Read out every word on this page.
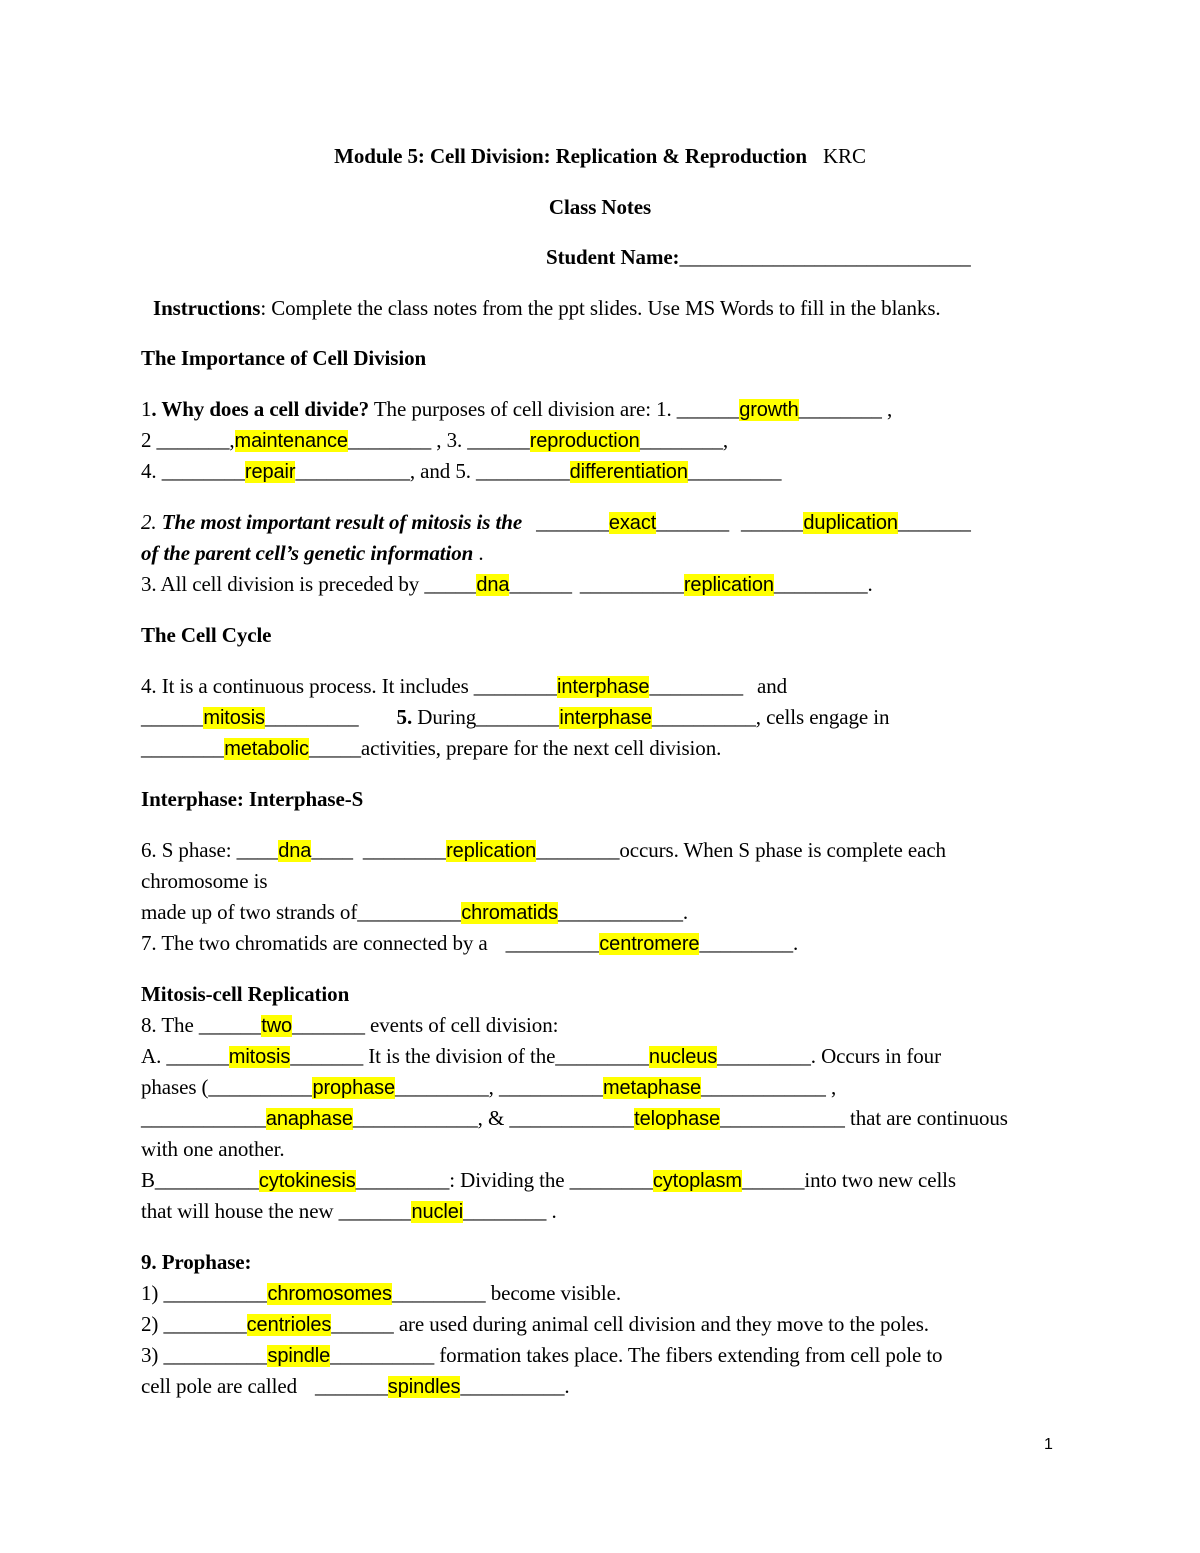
Module 5: Cell Division: Replication & Reproduction KRC
Class Notes
Student Name:____________________________
Instructions: Complete the class notes from the ppt slides. Use MS Words to fill in the blanks.
The Importance of Cell Division
1. Why does a cell divide? The purposes of cell division are: 1. ______growth________ ,
2 _______,maintenance________ , 3. ______reproduction________,
4. ________repair___________, and 5. _________differentiation_________
2. The most important result of mitosis is the _______exact_______ ______duplication_______
of the parent cell’s genetic information .
3. All cell division is preceded by _____dna______ __________replication_________.
The Cell Cycle
4. It is a continuous process. It includes ________interphase_________ and
______mitosis_________ 5. During________interphase__________, cells engage in
________metabolic_____activities, prepare for the next cell division.
Interphase: Interphase-S
6. S phase: ____dna____ ________replication________occurs. When S phase is complete each
chromosome is
made up of two strands of__________chromatids____________.
7. The two chromatids are connected by a _________centromere_________.
Mitosis-cell Replication
8. The ______two_______ events of cell division:
A. ______mitosis_______ It is the division of the_________nucleus_________. Occurs in four
phases (__________prophase_________, __________metaphase____________ ,
____________anaphase____________, & ____________telophase____________ that are continuous
with one another.
B__________cytokinesis_________: Dividing the ________cytoplasm______into two new cells
that will house the new _______nuclei________ .
9. Prophase:
1) __________chromosomes_________ become visible.
2) ________centrioles______ are used during animal cell division and they move to the poles.
3) __________spindle__________ formation takes place. The fibers extending from cell pole to
cell pole are called _______spindles__________.
1
